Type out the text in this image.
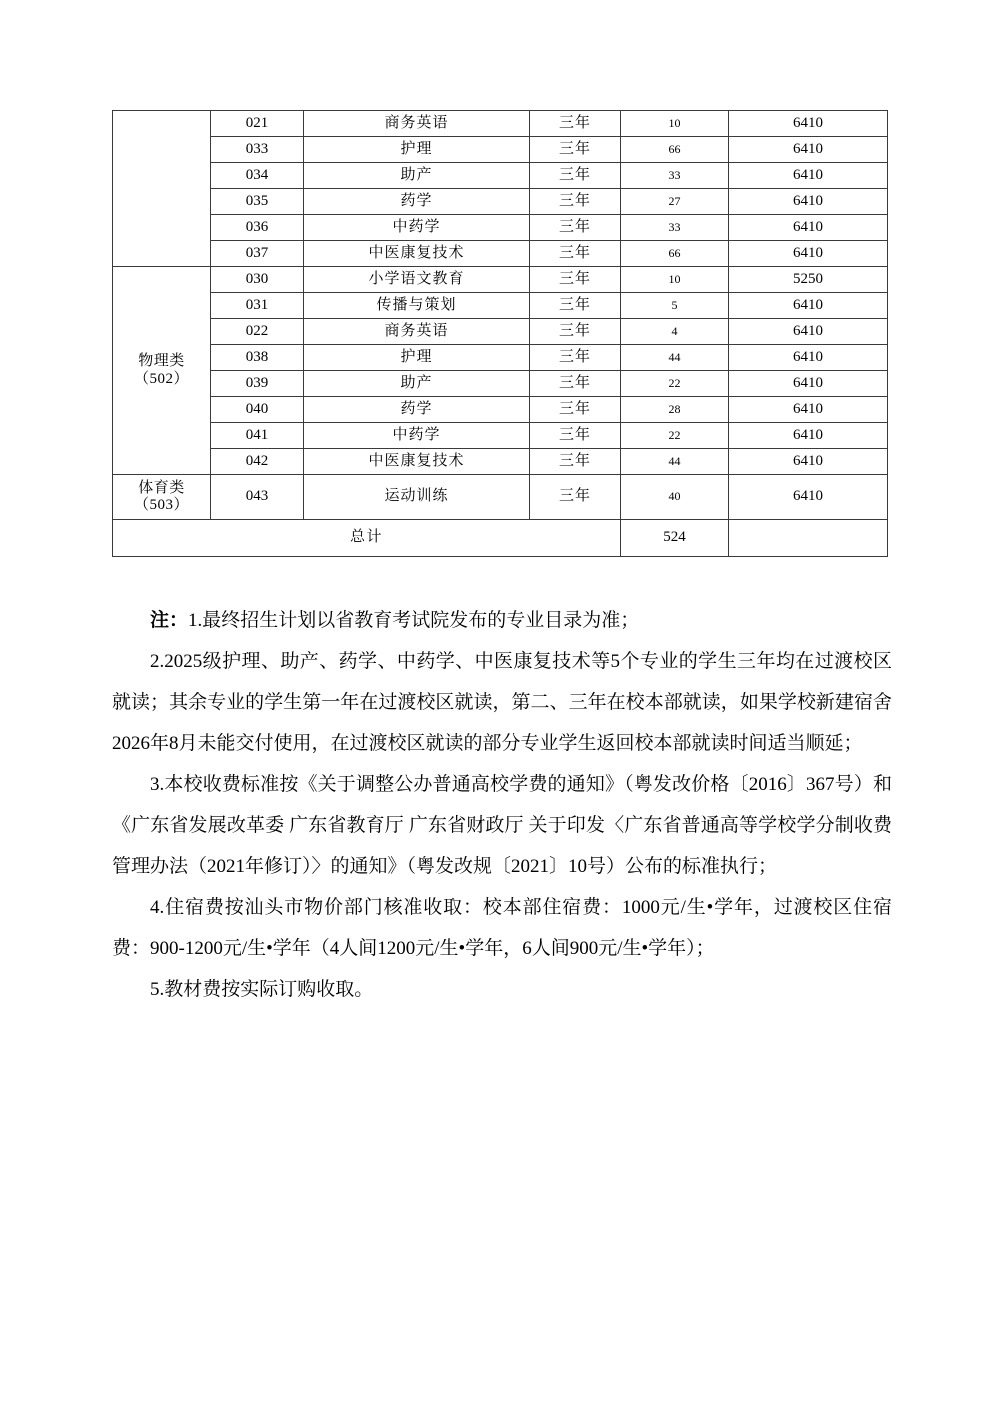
	021	商务英语	三年	10	6410
	033	护理	三年	66	6410
	034	助产	三年	33	6410
	035	药学	三年	27	6410
	036	中药学	三年	33	6410
	037	中医康复技术	三年	66	6410

物理类
（502）	030	小学语文教育	三年	10	5250
	031	传播与策划	三年	5	6410
	022	商务英语	三年	4	6410
	038	护理	三年	44	6410
	039	助产	三年	22	6410
	040	药学	三年	28	6410
	041	中药学	三年	22	6410
	042	中医康复技术	三年	44	6410

体育类
（503）	043	运动训练	三年	40	6410
总计				524	

注：1.最终招生计划以省教育考试院发布的专业目录为准；

2.2025级护理、助产、药学、中药学、中医康复技术等5个专业的学生三年均在过渡校区就读；其余专业的学生第一年在过渡校区就读，第二、三年在校本部就读，如果学校新建宿舍2026年8月未能交付使用，在过渡校区就读的部分专业学生返回校本部就读时间适当顺延；

3.本校收费标准按《关于调整公办普通高校学费的通知》（粤发改价格〔2016〕367号）和《广东省发展改革委 广东省教育厅 广东省财政厅 关于印发〈广东省普通高等学校学分制收费管理办法（2021年修订）〉的通知》（粤发改规〔2021〕10号）公布的标准执行；

4.住宿费按汕头市物价部门核准收取：校本部住宿费：1000元/生•学年，过渡校区住宿费：900-1200元/生•学年（4人间1200元/生•学年，6人间900元/生•学年）；

5.教材费按实际订购收取。
